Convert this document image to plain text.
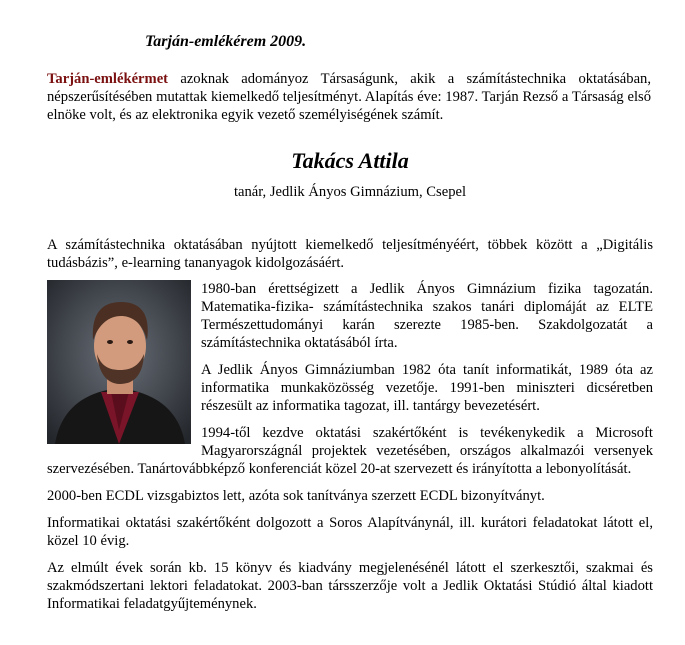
Tarján-emlékérem 2009.

Tarján-emlékérmet azoknak adományoz Társaságunk, akik a számítástechnika oktatásában, népszerűsítésében mutattak kiemelkedő teljesítményt. Alapítás éve: 1987. Tarján Rezső a Társaság első elnöke volt, és az elektronika egyik vezető személyiségének számít.

Takács Attila

tanár, Jedlik Ányos Gimnázium, Csepel

A számítástechnika oktatásában nyújtott kiemelkedő teljesítményéért, többek között a „Digitális tudásbázis”, e-learning tananyagok kidolgozásáért.

1980-ban érettségizett a Jedlik Ányos Gimnázium fizika tagozatán. Matematika-fizika- számítástechnika szakos tanári diplomáját az ELTE Természettudományi karán szerezte 1985-ben. Szakdolgozatát a számítástechnika oktatásából írta.

A Jedlik Ányos Gimnáziumban 1982 óta tanít informatikát, 1989 óta az informatika munkaközösség vezetője. 1991-ben miniszteri dicséretben részesült az informatika tagozat, ill. tantárgy bevezetésért.

1994-től kezdve oktatási szakértőként is tevékenykedik a Microsoft Magyarországnál projektek vezetésében, országos alkalmazói versenyek szervezésében. Tanártovábbképző konferenciát közel 20-at szervezett és irányította a lebonyolítását.

2000-ben ECDL vizsgabiztos lett, azóta sok tanítványa szerzett ECDL bizonyítványt.

Informatikai oktatási szakértőként dolgozott a Soros Alapítványnál, ill. kurátori feladatokat látott el, közel 10 évig.

Az elmúlt évek során kb. 15 könyv és kiadvány megjelenésénél látott el szerkesztői, szakmai és szakmódszertani lektori feladatokat. 2003-ban társszerzője volt a Jedlik Oktatási Stúdió által kiadott Informatikai feladatgyűjteménynek.
